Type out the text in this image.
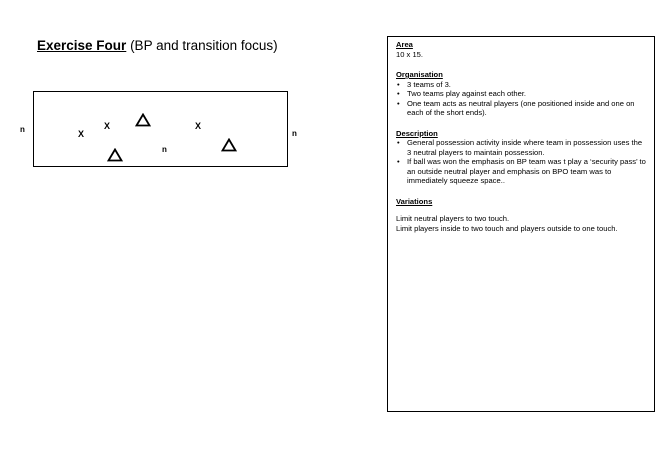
Exercise Four (BP and transition focus)
n	n
X
X	X
n
Area

10 x 15.

Organisation
• 3 teams of 3.
• Two teams play against each other.
• One team acts as neutral players (one positioned inside and one on each of the short ends).
Description
• General possession activity inside where team in possession uses the 3 neutral players to maintain possession.
• If ball was won the emphasis on BP team was t play a ‘security pass’ to an outside neutral player and emphasis on BPO team was to immediately squeeze space..
Variations

Limit neutral players to two touch.

Limit players inside to two touch and players outside to one touch.
